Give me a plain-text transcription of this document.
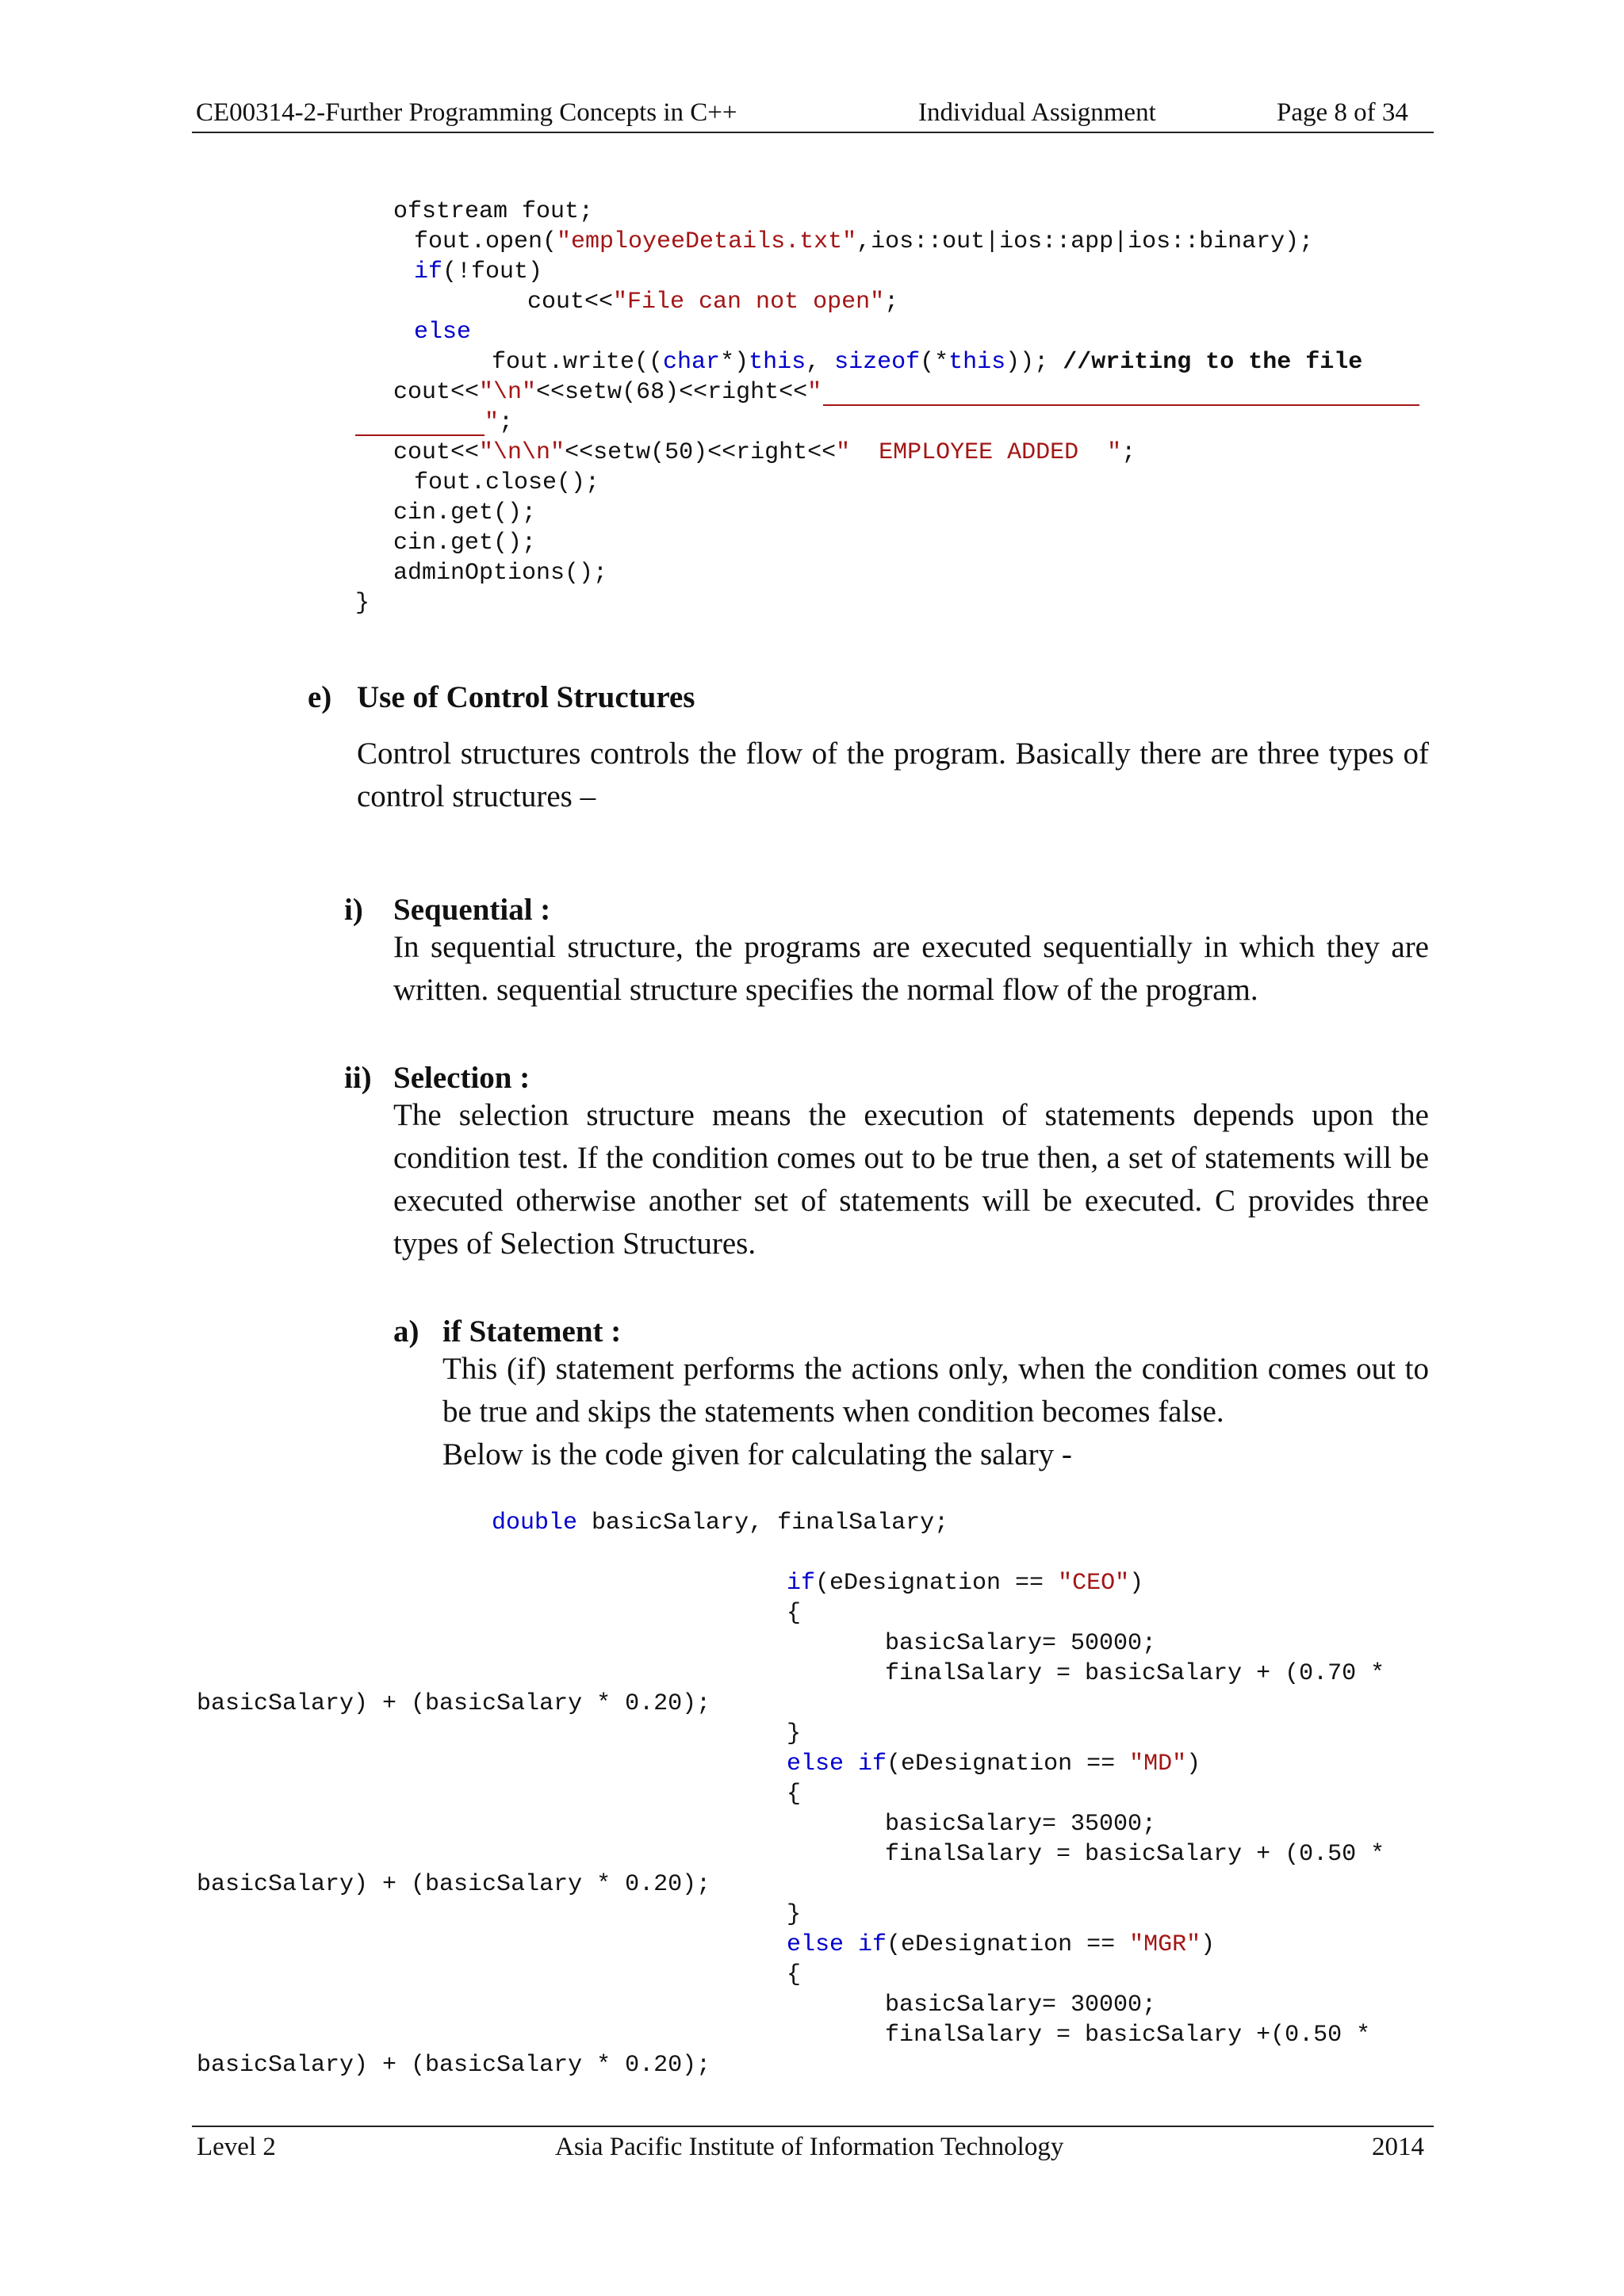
CE00314-2-Further Programming Concepts in C++	Individual Assignment	Page 8 of 34
ofstream fout;
fout.open("employeeDetails.txt",ios::out|ios::app|ios::binary);
if(!fout)
cout<<"File can not open";
else
fout.write((char*)this, sizeof(*this)); //writing to the file
cout<<"\n"<<setw(68)<<right<<"
";
cout<<"\n\n"<<setw(50)<<right<<"  EMPLOYEE ADDED  ";
fout.close();
cin.get();
cin.get();
adminOptions();
}
e) Use of Control Structures
Control structures controls the flow of the program. Basically there are three types of control structures –
i) Sequential :
In sequential structure, the programs are executed sequentially in which they are written. sequential structure specifies the normal flow of the program.
ii) Selection :
The selection structure means the execution of statements depends upon the condition test. If the condition comes out to be true then, a set of statements will be executed otherwise another set of statements will be executed. C provides three types of Selection Structures.
a) if Statement :
This (if) statement performs the actions only, when the condition comes out to be true and skips the statements when condition becomes false.
Below is the code given for calculating the salary -
double basicSalary, finalSalary;
if(eDesignation == "CEO")
{
basicSalary= 50000;
finalSalary = basicSalary + (0.70 *
basicSalary) + (basicSalary * 0.20);
}
else if(eDesignation == "MD")
{
basicSalary= 35000;
finalSalary = basicSalary + (0.50 *
basicSalary) + (basicSalary * 0.20);
}
else if(eDesignation == "MGR")
{
basicSalary= 30000;
finalSalary = basicSalary +(0.50 *
basicSalary) + (basicSalary * 0.20);
Level 2	Asia Pacific Institute of Information Technology	2014
